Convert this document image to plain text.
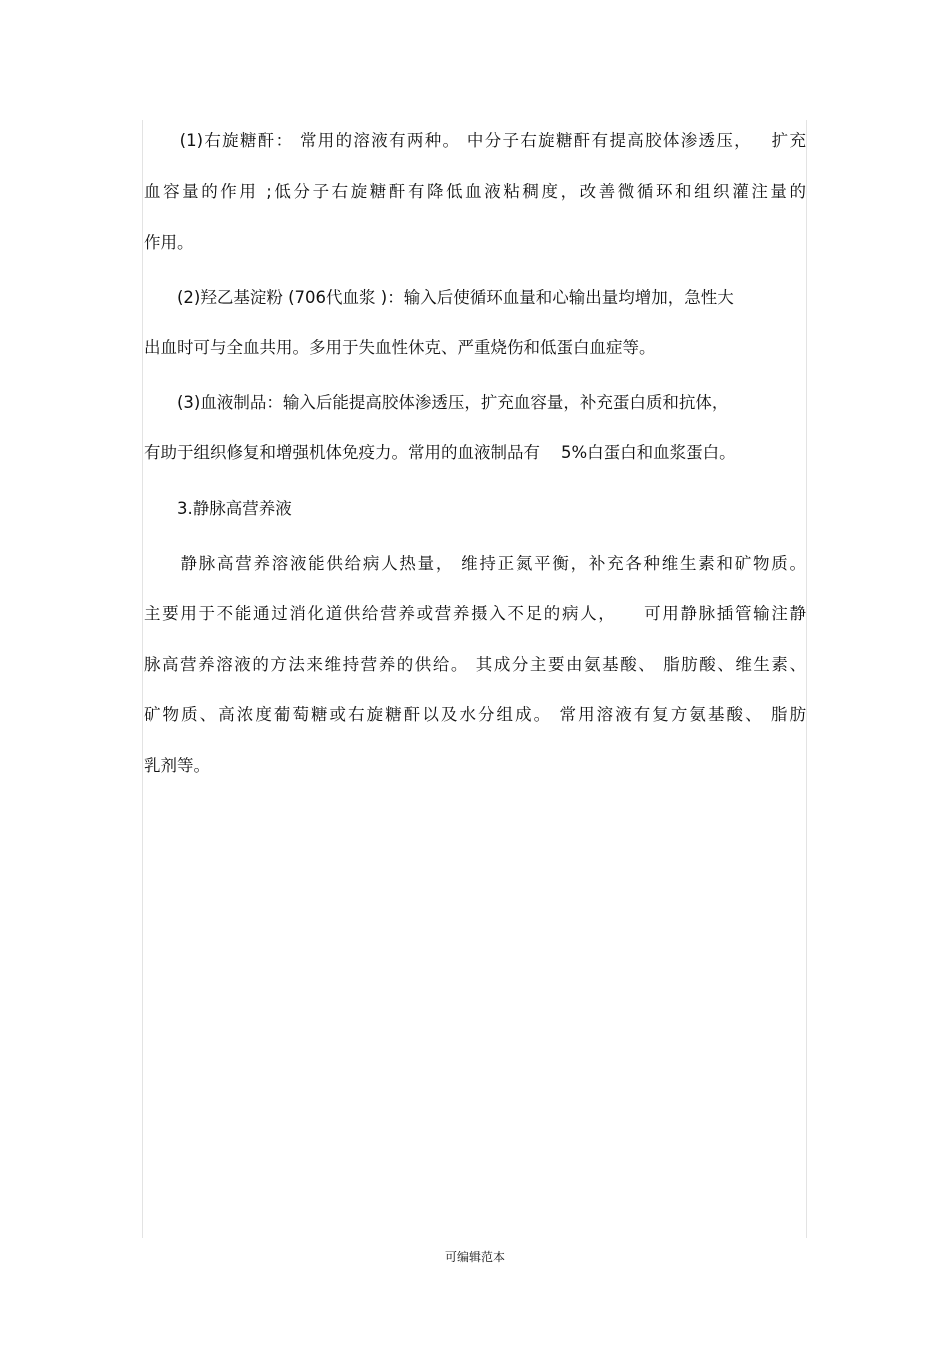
　　(1)右旋糖酐： 常用的溶液有两种。 中分子右旋糖酐有提高胶体渗透压，   扩充
血容量的作用 ;低分子右旋糖酐有降低血液粘稠度，改善微循环和组织灌注量的
作用。
　　(2)羟乙基淀粉 (706代血浆 )：输入后使循环血量和心输出量均增加，急性大
出血时可与全血共用。多用于失血性休克、严重烧伤和低蛋白血症等。
　　(3)血液制品：输入后能提高胶体渗透压，扩充血容量，补充蛋白质和抗体，
有助于组织修复和增强机体免疫力。常用的血液制品有    5%白蛋白和血浆蛋白。
　　3.静脉高营养液
　　静脉高营养溶液能供给病人热量， 维持正氮平衡，补充各种维生素和矿物质。
主要用于不能通过消化道供给营养或营养摄入不足的病人，    可用静脉插管输注静
脉高营养溶液的方法来维持营养的供给。 其成分主要由氨基酸、 脂肪酸、维生素、
矿物质、高浓度葡萄糖或右旋糖酐以及水分组成。 常用溶液有复方氨基酸、 脂肪
乳剂等。
可编辑范本
